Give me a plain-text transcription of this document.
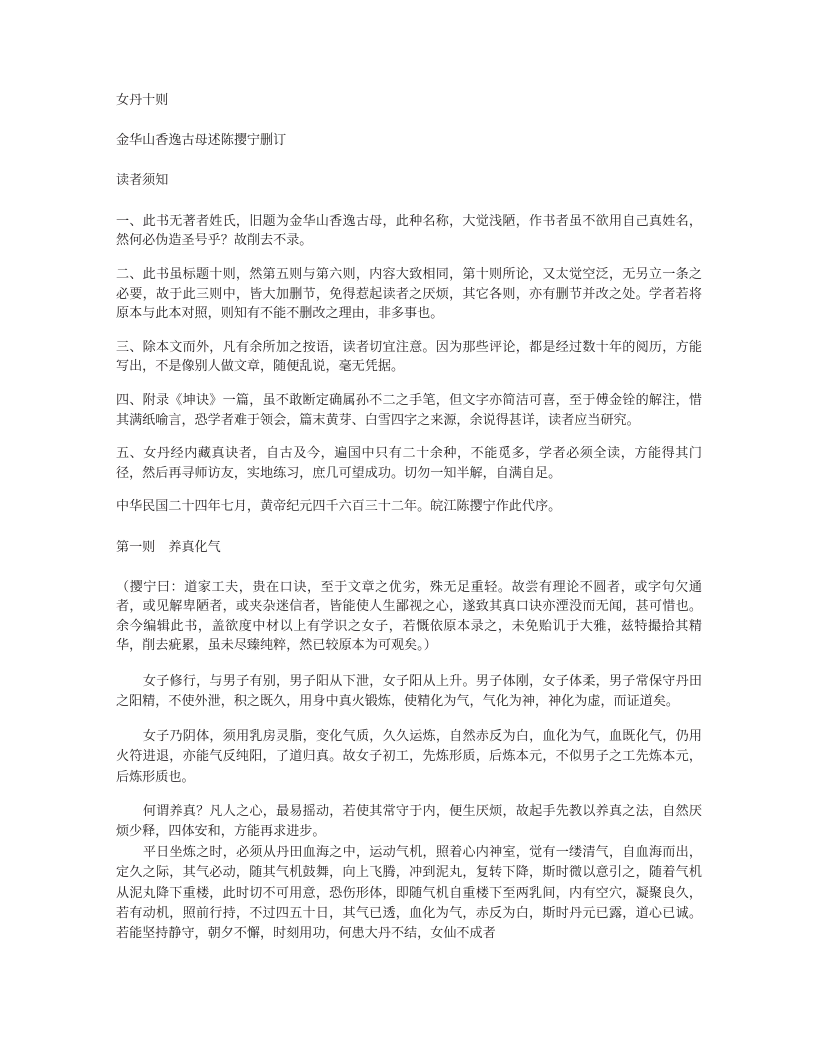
女丹十则

金华山香逸古母述陈撄宁删订

读者须知

一、此书无著者姓氏，旧题为金华山香逸古母，此种名称，大觉浅陋，作书者虽不欲用自己真姓名，然何必伪造圣号乎？故削去不录。

二、此书虽标题十则，然第五则与第六则，内容大致相同，第十则所论，又太觉空泛，无另立一条之必要，故于此三则中，皆大加删节，免得惹起读者之厌烦，其它各则，亦有删节并改之处。学者若将原本与此本对照，则知有不能不删改之理由，非多事也。

三、除本文而外，凡有余所加之按语，读者切宜注意。因为那些评论，都是经过数十年的阅历，方能写出，不是像别人做文章，随便乱说，毫无凭据。

四、附录《坤诀》一篇，虽不敢断定确属孙不二之手笔，但文字亦简洁可喜，至于傅金铨的解注，惜其满纸喻言，恐学者难于领会，篇末黄芽、白雪四字之来源，余说得甚详，读者应当研究。

五、女丹经内藏真诀者，自古及今，遍国中只有二十余种，不能觅多，学者必须全读，方能得其门径，然后再寻师访友，实地练习，庶几可望成功。切勿一知半解，自满自足。

中华民国二十四年七月，黄帝纪元四千六百三十二年。皖江陈撄宁作此代序。

第一则　养真化气

（撄宁曰：道家工夫，贵在口诀，至于文章之优劣，殊无足重轻。故尝有理论不圆者，或字句欠通者，或见解卑陋者，或夹杂迷信者，皆能使人生鄙视之心，遂致其真口诀亦湮没而无闻，甚可惜也。余今编辑此书，盖欲度中材以上有学识之女子，若慨依原本录之，未免贻讥于大雅，兹特撮拾其精华，削去疵累，虽未尽臻纯粹，然已较原本为可观矣。）

女子修行，与男子有别，男子阳从下泄，女子阳从上升。男子体刚，女子体柔，男子常保守丹田之阳精，不使外泄，积之既久，用身中真火锻炼，使精化为气，气化为神，神化为虚，而证道矣。

女子乃阴体，须用乳房灵脂，变化气质，久久运炼，自然赤反为白，血化为气，血既化气，仍用火符进退，亦能气反纯阳，了道归真。故女子初工，先炼形质，后炼本元，不似男子之工先炼本元，后炼形质也。

何谓养真？凡人之心，最易摇动，若使其常守于内，便生厌烦，故起手先教以养真之法，自然厌烦少释，四体安和，方能再求进步。

平日坐炼之时，必须从丹田血海之中，运动气机，照着心内神室，觉有一缕清气，自血海而出，定久之际，其气必动，随其气机鼓舞，向上飞腾，冲到泥丸，复转下降，斯时微以意引之，随着气机从泥丸降下重楼，此时切不可用意，恐伤形体，即随气机自重楼下至两乳间，内有空穴，凝聚良久，若有动机，照前行持，不过四五十日，其气已透，血化为气，赤反为白，斯时丹元已露，道心已诚。若能坚持静守，朝夕不懈，时刻用功，何患大丹不结，女仙不成者
